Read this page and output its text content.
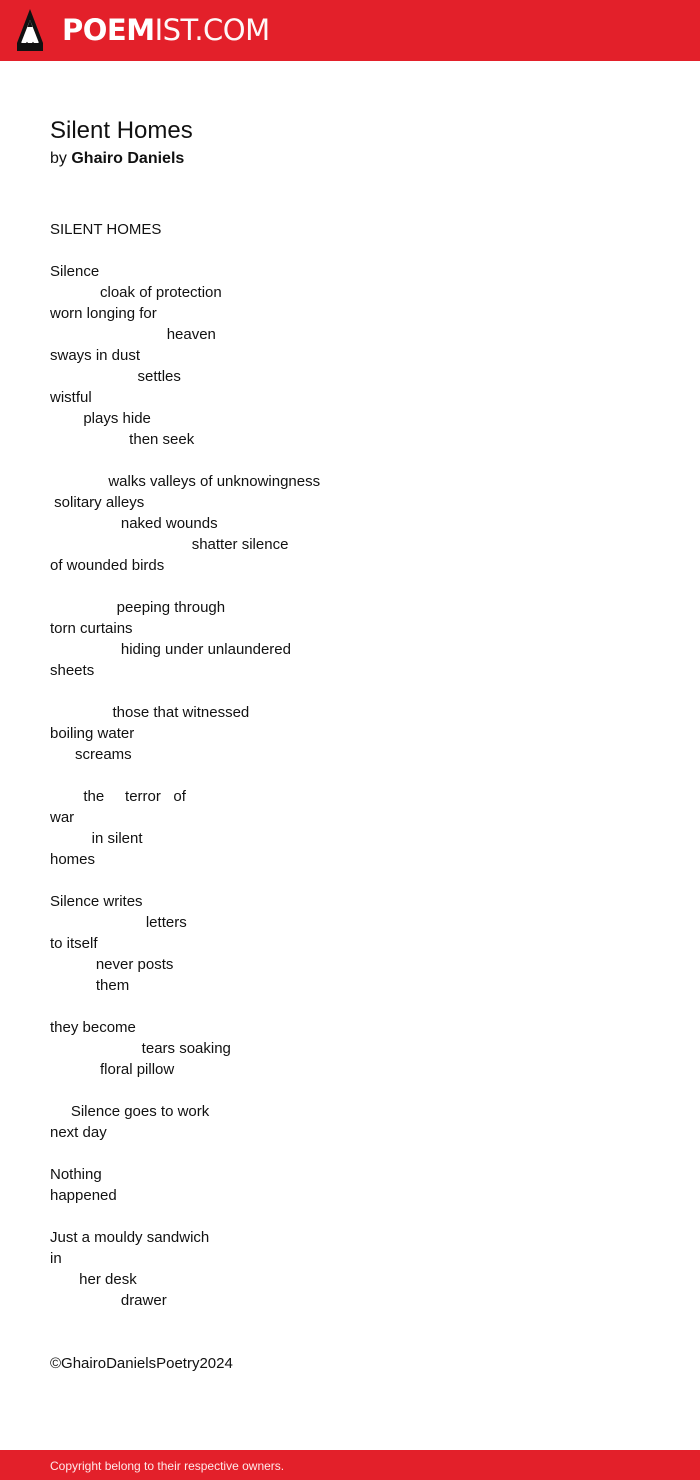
POEMIST.COM
Silent Homes
by Ghairo Daniels
SILENT HOMES
Silence
cloak of protection
worn longing for
heaven
sways in dust
settles
wistful
plays hide
then seek
walks valleys of unknowingness
solitary alleys
naked wounds
shatter silence
of wounded birds
peeping through
torn curtains
hiding under unlaundered
sheets
those that witnessed
boiling water
screams
the     terror   of
war
in silent
homes
Silence writes
letters
to itself
never posts
them
they become
tears soaking
floral pillow
Silence goes to work
next day
Nothing
happened
Just a mouldy sandwich
in
her desk
drawer
©GhairoDanielsPoetry2024
Copyright belong to their respective owners.
